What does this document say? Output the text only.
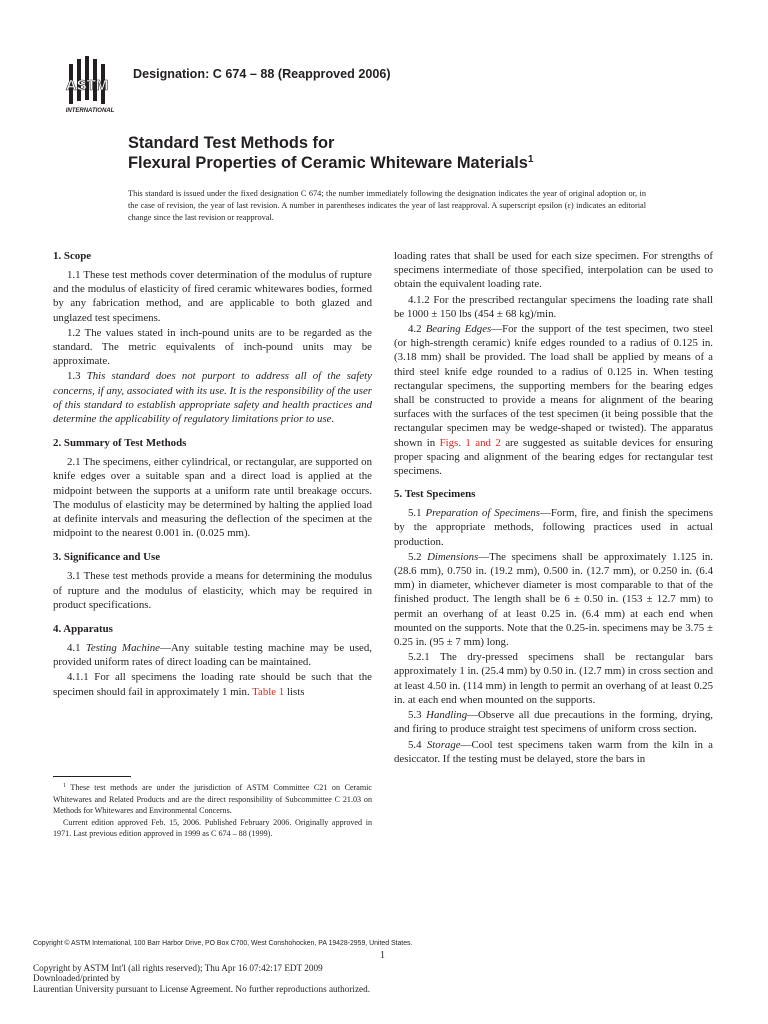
ASTM
INTERNATIONAL
Designation: C 674 – 88 (Reapproved 2006)
Standard Test Methods for
Flexural Properties of Ceramic Whiteware Materials$^1$
This standard is issued under the fixed designation C 674; the number immediately following the designation indicates the year of original adoption or, in the case of revision, the year of last revision. A number in parentheses indicates the year of last reapproval. A superscript epsilon (ε) indicates an editorial change since the last revision or reapproval.
1. Scope

1.1 These test methods cover determination of the modulus of rupture and the modulus of elasticity of fired ceramic whitewares bodies, formed by any fabrication method, and are applicable to both glazed and unglazed test specimens.

1.2 The values stated in inch-pound units are to be regarded as the standard. The metric equivalents of inch-pound units may be approximate.

1.3 This standard does not purport to address all of the safety concerns, if any, associated with its use. It is the responsibility of the user of this standard to establish appropriate safety and health practices and determine the applicability of regulatory limitations prior to use.

2. Summary of Test Methods

2.1 The specimens, either cylindrical, or rectangular, are supported on knife edges over a suitable span and a direct load is applied at the midpoint between the supports at a uniform rate until breakage occurs. The modulus of elasticity may be determined by halting the applied load at definite intervals and measuring the deflection of the specimen at the midpoint to the nearest 0.001 in. (0.025 mm).

3. Significance and Use

3.1 These test methods provide a means for determining the modulus of rupture and the modulus of elasticity, which may be required in product specifications.

4. Apparatus

4.1 Testing Machine—Any suitable testing machine may be used, provided uniform rates of direct loading can be maintained.

4.1.1 For all specimens the loading rate should be such that the specimen should fail in approximately 1 min. Table 1 lists

loading rates that shall be used for each size specimen. For strengths of specimens intermediate of those specified, interpolation can be used to obtain the equivalent loading rate.

4.1.2 For the prescribed rectangular specimens the loading rate shall be 1000 ± 150 lbs (454 ± 68 kg)/min.

4.2 Bearing Edges—For the support of the test specimen, two steel (or high-strength ceramic) knife edges rounded to a radius of 0.125 in. (3.18 mm) shall be provided. The load shall be applied by means of a third steel knife edge rounded to a radius of 0.125 in. When testing rectangular specimens, the supporting members for the bearing edges shall be constructed to provide a means for alignment of the bearing surfaces with the surfaces of the test specimen (it being possible that the rectangular specimen may be wedge-shaped or twisted). The apparatus shown in Figs. 1 and 2 are suggested as suitable devices for ensuring proper spacing and alignment of the bearing edges for rectangular test specimens.

5. Test Specimens

5.1 Preparation of Specimens—Form, fire, and finish the specimens by the appropriate methods, following practices used in actual production.

5.2 Dimensions—The specimens shall be approximately 1.125 in. (28.6 mm), 0.750 in. (19.2 mm), 0.500 in. (12.7 mm), or 0.250 in. (6.4 mm) in diameter, whichever diameter is most comparable to that of the finished product. The length shall be 6 ± 0.50 in. (153 ± 12.7 mm) to permit an overhang of at least 0.25 in. (6.4 mm) at each end when mounted on the supports. Note that the 0.25-in. specimens may be 3.75 ± 0.25 in. (95 ± 7 mm) long.

5.2.1 The dry-pressed specimens shall be rectangular bars approximately 1 in. (25.4 mm) by 0.50 in. (12.7 mm) in cross section and at least 4.50 in. (114 mm) in length to permit an overhang of at least 0.25 in. at each end when mounted on the supports.

5.3 Handling—Observe all due precautions in the forming, drying, and firing to produce straight test specimens of uniform cross section.

5.4 Storage—Cool test specimens taken warm from the kiln in a desiccator. If the testing must be delayed, store the bars in

$^1$ These test methods are under the jurisdiction of ASTM Committee C21 on Ceramic Whitewares and Related Products and are the direct responsibility of Subcommittee C 21.03 on Methods for Whitewares and Environmental Concerns.

Current edition approved Feb. 15, 2006. Published February 2006. Originally approved in 1971. Last previous edition approved in 1999 as C 674 – 88 (1999).

Copyright © ASTM International, 100 Barr Harbor Drive, PO Box C700, West Conshohocken, PA 19428-2959, United States.
1
Copyright by ASTM Int'l (all rights reserved); Thu Apr 16 07:42:17 EDT 2009
Downloaded/printed by
Laurentian University pursuant to License Agreement. No further reproductions authorized.
